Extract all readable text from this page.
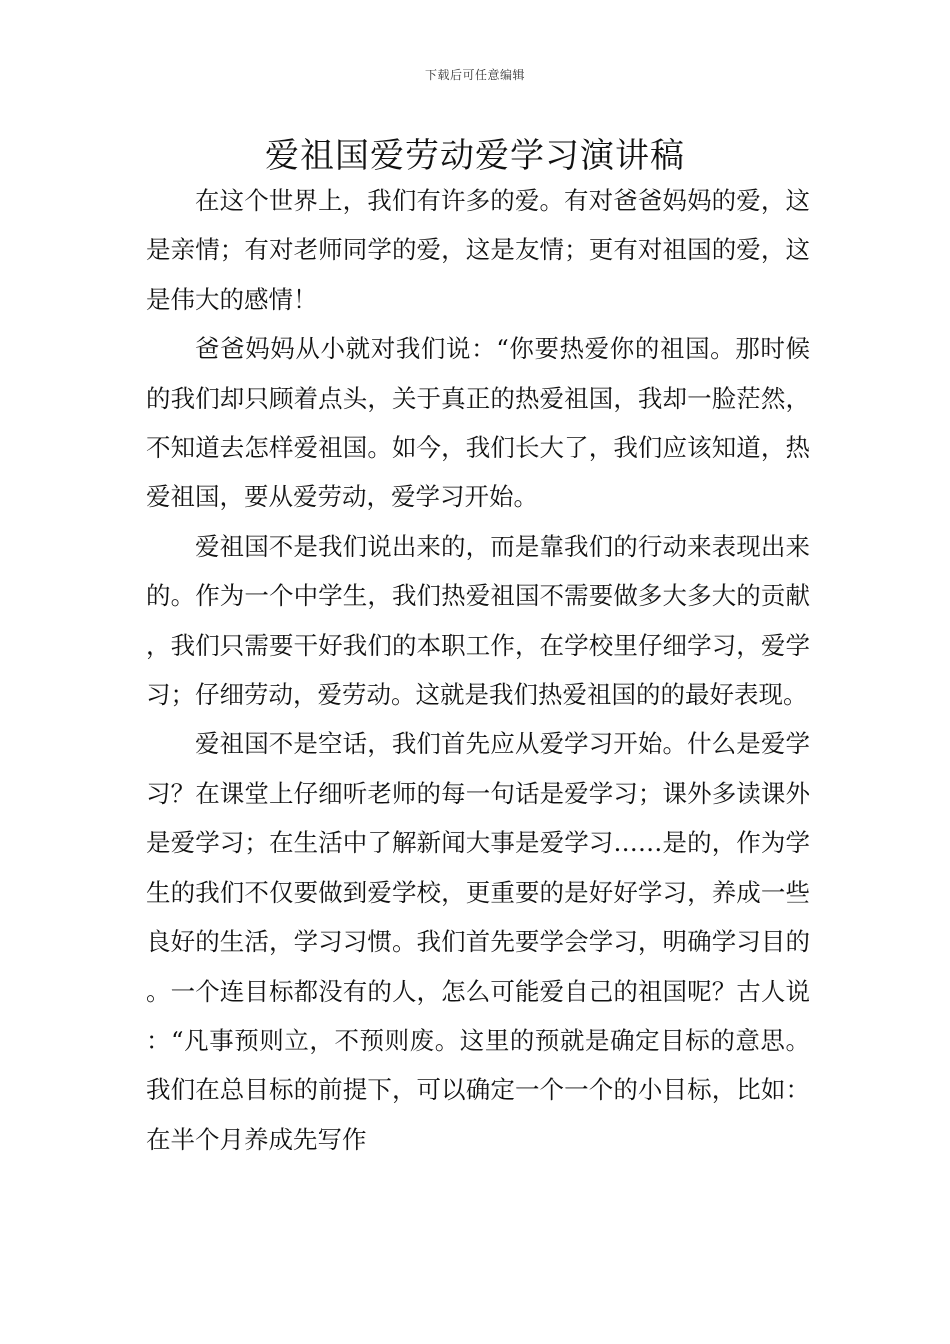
下载后可任意编辑
爱祖国爱劳动爱学习演讲稿

在这个世界上，我们有许多的爱。有对爸爸妈妈的爱，这是亲情；有对老师同学的爱，这是友情；更有对祖国的爱，这是伟大的感情！

爸爸妈妈从小就对我们说：“你要热爱你的祖国。那时候的我们却只顾着点头，关于真正的热爱祖国，我却一脸茫然，不知道去怎样爱祖国。如今，我们长大了，我们应该知道，热爱祖国，要从爱劳动，爱学习开始。

爱祖国不是我们说出来的，而是靠我们的行动来表现出来的。作为一个中学生，我们热爱祖国不需要做多大多大的贡献，我们只需要干好我们的本职工作，在学校里仔细学习，爱学习；仔细劳动，爱劳动。这就是我们热爱祖国的的最好表现。

爱祖国不是空话，我们首先应从爱学习开始。什么是爱学习？在课堂上仔细听老师的每一句话是爱学习；课外多读课外是爱学习；在生活中了解新闻大事是爱学习……是的，作为学生的我们不仅要做到爱学校，更重要的是好好学习，养成一些良好的生活，学习习惯。我们首先要学会学习，明确学习目的。一个连目标都没有的人，怎么可能爱自己的祖国呢？古人说：“凡事预则立，不预则废。这里的预就是确定目标的意思。我们在总目标的前提下，可以确定一个一个的小目标，比如：在半个月养成先写作
